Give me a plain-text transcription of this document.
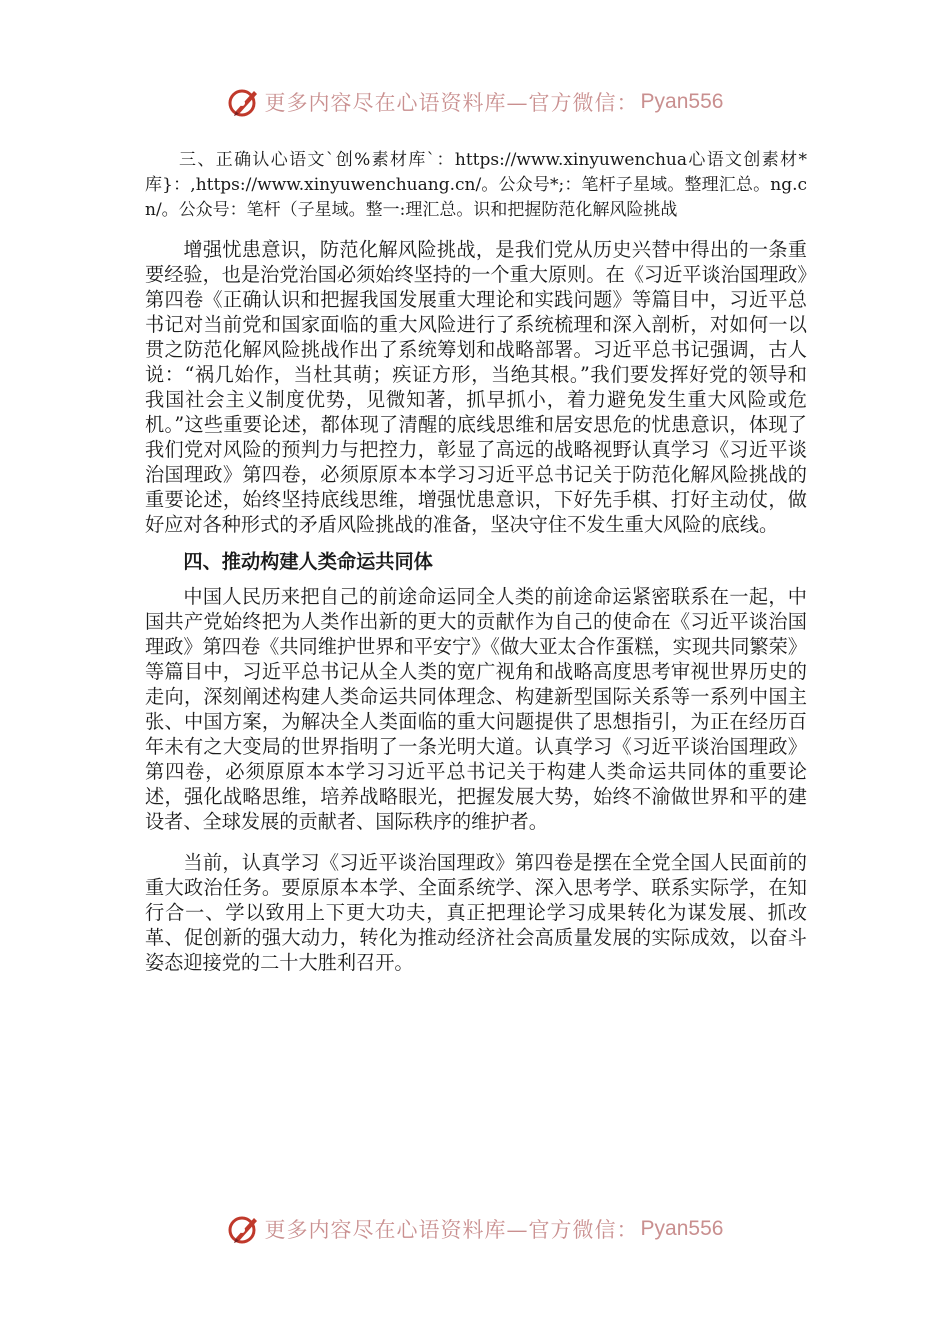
更多内容尽在心语资料库—官方微信： Pyan556

三、正确认心语文`创%素材库`：https://www.xinyuwenchua心语文创素材*库}：,https://www.xinyuwenchuang.cn/。公众号*;：笔杆子星域。整理汇总。ng.cn/。公众号：笔杆（子星域。整一:理汇总。识和把握防范化解风险挑战

增强忧患意识，防范化解风险挑战，是我们党从历史兴替中得出的一条重要经验，也是治党治国必须始终坚持的一个重大原则。在《习近平谈治国理政》第四卷《正确认识和把握我国发展重大理论和实践问题》等篇目中，习近平总书记对当前党和国家面临的重大风险进行了系统梳理和深入剖析，对如何一以贯之防范化解风险挑战作出了系统筹划和战略部署。习近平总书记强调，古人说：“祸几始作，当杜其萌；疾证方形，当绝其根。”我们要发挥好党的领导和我国社会主义制度优势，见微知著，抓早抓小，着力避免发生重大风险或危机。”这些重要论述，都体现了清醒的底线思维和居安思危的忧患意识，体现了我们党对风险的预判力与把控力，彰显了高远的战略视野认真学习《习近平谈治国理政》第四卷，必须原原本本学习习近平总书记关于防范化解风险挑战的重要论述，始终坚持底线思维，增强忧患意识，下好先手棋、打好主动仗，做好应对各种形式的矛盾风险挑战的准备，坚决守住不发生重大风险的底线。

四、推动构建人类命运共同体

中国人民历来把自己的前途命运同全人类的前途命运紧密联系在一起，中国共产党始终把为人类作出新的更大的贡献作为自己的使命在《习近平谈治国理政》第四卷《共同维护世界和平安宁》《做大亚太合作蛋糕，实现共同繁荣》等篇目中，习近平总书记从全人类的宽广视角和战略高度思考审视世界历史的走向，深刻阐述构建人类命运共同体理念、构建新型国际关系等一系列中国主张、中国方案，为解决全人类面临的重大问题提供了思想指引，为正在经历百年未有之大变局的世界指明了一条光明大道。认真学习《习近平谈治国理政》第四卷，必须原原本本学习习近平总书记关于构建人类命运共同体的重要论述，强化战略思维，培养战略眼光，把握发展大势，始终不渝做世界和平的建设者、全球发展的贡献者、国际秩序的维护者。

当前，认真学习《习近平谈治国理政》第四卷是摆在全党全国人民面前的重大政治任务。要原原本本学、全面系统学、深入思考学、联系实际学，在知行合一、学以致用上下更大功夫，真正把理论学习成果转化为谋发展、抓改革、促创新的强大动力，转化为推动经济社会高质量发展的实际成效，以奋斗姿态迎接党的二十大胜利召开。

更多内容尽在心语资料库—官方微信： Pyan556
